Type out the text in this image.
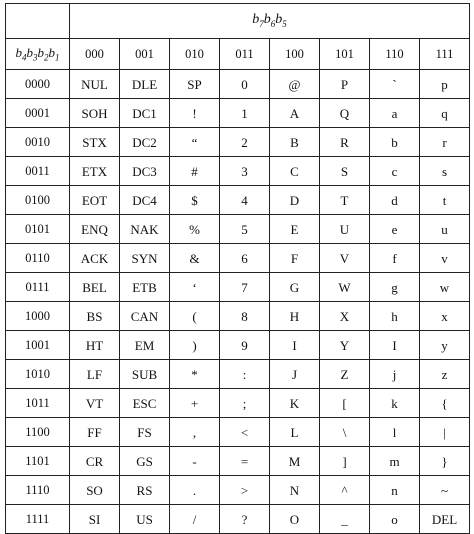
	$b_7b_6b_5$
$b_4b_3b_2b_1$	000	001	010	011	100	101	110	111
0000	NUL	DLE	SP	0	@	P	`	p
0001	SOH	DC1	!	1	A	Q	a	q
0010	STX	DC2	“	2	B	R	b	r
0011	ETX	DC3	#	3	C	S	c	s
0100	EOT	DC4	$	4	D	T	d	t
0101	ENQ	NAK	%	5	E	U	e	u
0110	ACK	SYN	&	6	F	V	f	v
0111	BEL	ETB	‘	7	G	W	g	w
1000	BS	CAN	(	8	H	X	h	x
1001	HT	EM	)	9	I	Y	I	y
1010	LF	SUB	*	:	J	Z	j	z
1011	VT	ESC	+	;	K	[	k	{
1100	FF	FS	,	<	L	\	l	|
1101	CR	GS	-	=	M	]	m	}
1110	SO	RS	.	>	N	^	n	~
1111	SI	US	/	?	O	_	o	DEL
